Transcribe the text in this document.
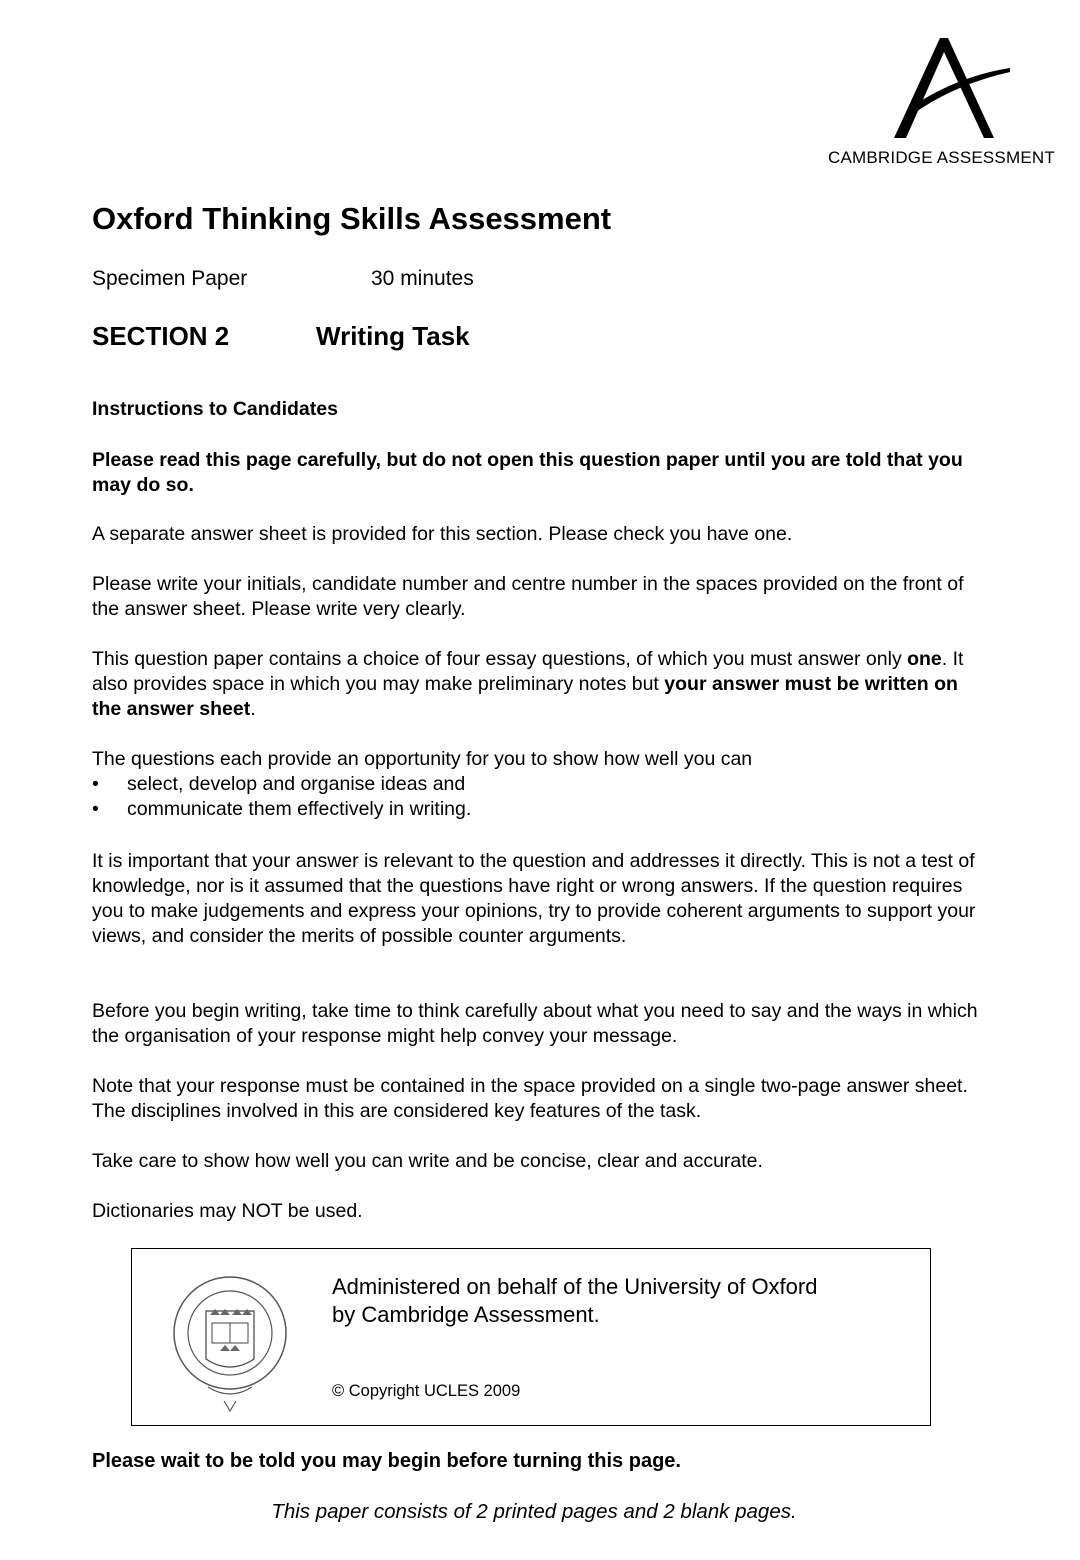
CAMBRIDGE ASSESSMENT
Oxford Thinking Skills Assessment
Specimen Paper	30 minutes
SECTION 2	Writing Task
Instructions to Candidates

Please read this page carefully, but do not open this question paper until you are told that you may do so.

A separate answer sheet is provided for this section. Please check you have one.

Please write your initials, candidate number and centre number in the spaces provided on the front of the answer sheet. Please write very clearly.

This question paper contains a choice of four essay questions, of which you must answer only one. It also provides space in which you may make preliminary notes but your answer must be written on the answer sheet.

The questions each provide an opportunity for you to show how well you can

• select, develop and organise ideas and
• communicate them effectively in writing.

It is important that your answer is relevant to the question and addresses it directly. This is not a test of knowledge, nor is it assumed that the questions have right or wrong answers. If the question requires you to make judgements and express your opinions, try to provide coherent arguments to support your views, and consider the merits of possible counter arguments.

Before you begin writing, take time to think carefully about what you need to say and the ways in which the organisation of your response might help convey your message.

Note that your response must be contained in the space provided on a single two-page answer sheet. The disciplines involved in this are considered key features of the task.

Take care to show how well you can write and be concise, clear and accurate.

Dictionaries may NOT be used.

Administered on behalf of the University of Oxford
by Cambridge Assessment.
© Copyright UCLES 2009
Please wait to be told you may begin before turning this page.
This paper consists of 2 printed pages and 2 blank pages.
